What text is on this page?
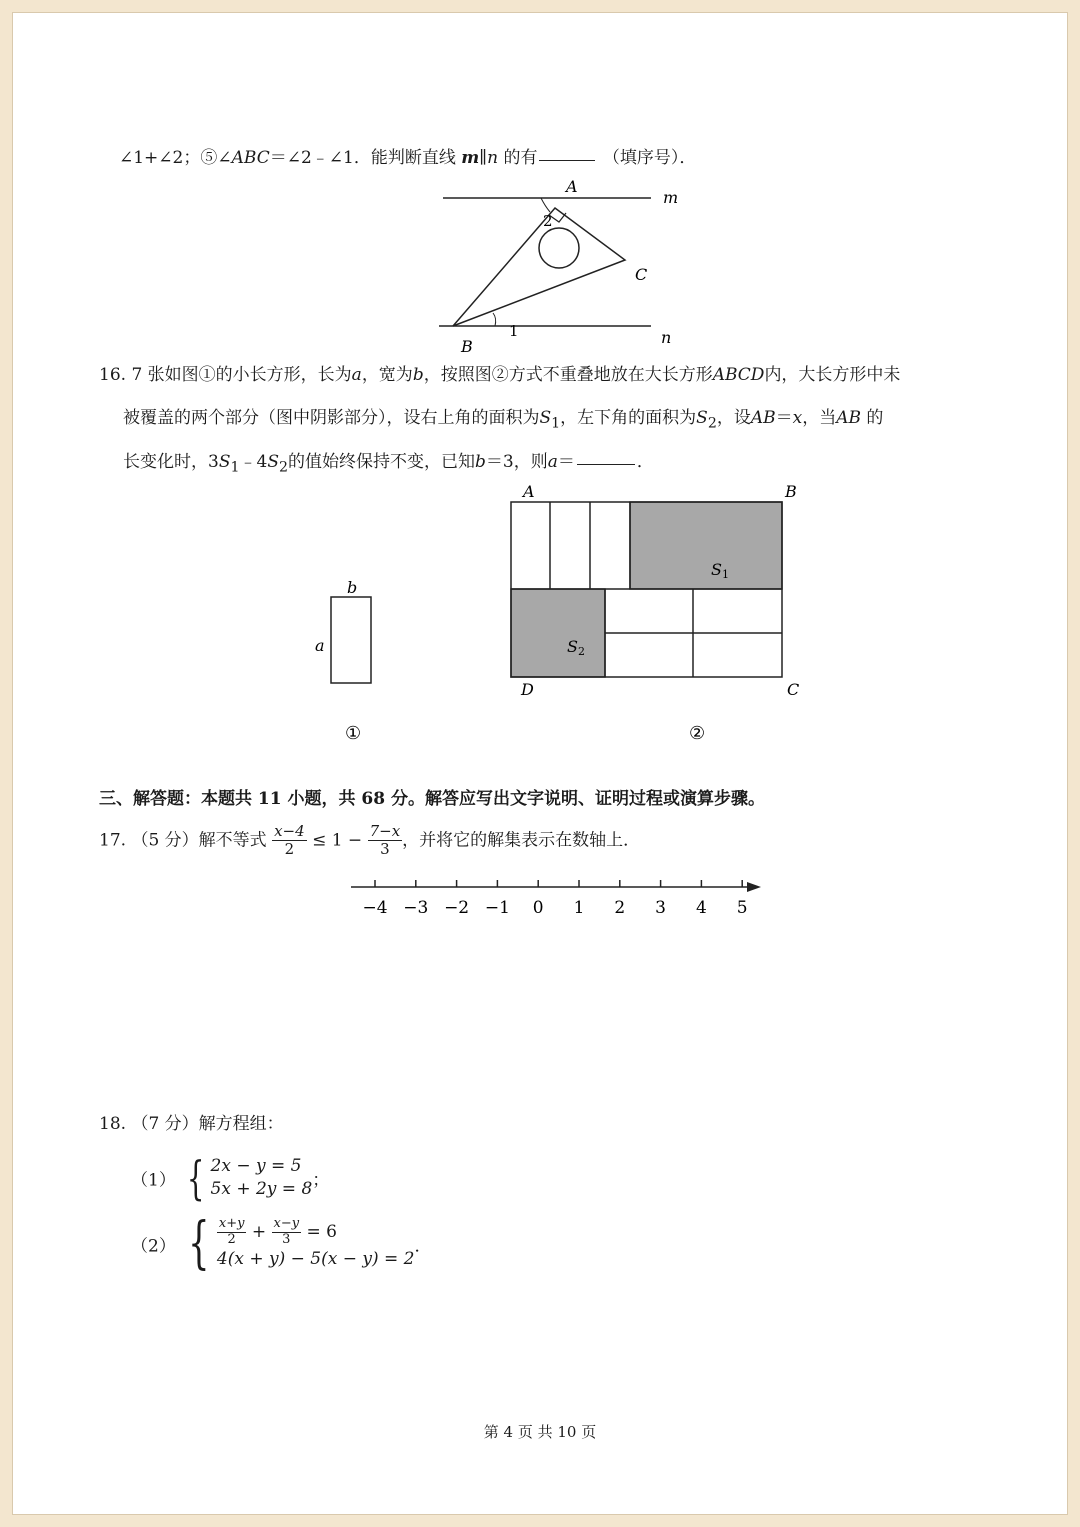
∠1+∠2；⑤∠ABC＝∠2﹣∠1．能判断直线 m∥n 的有	（填序号）．
A
m
C
B	n
1
2
16. 7 张如图①的小长方形，长为a，宽为b，按照图②方式不重叠地放在大长方形ABCD内，大长方形中未
被覆盖的两个部分（图中阴影部分），设右上角的面积为$S_1$，左下角的面积为$S_2$，设AB＝x，当AB 的
长变化时，$3S_1﹣4S_2$的值始终保持不变，已知b＝3，则a＝	．
b
a
①
A	B
C
D
S 1
S 2
②
三、解答题：本题共 11 小题，共 68 分。解答应写出文字说明、证明过程或演算步骤。
17. （5 分）解不等式 $\frac{x-4}{2} \le 1 - \frac{7-x}{3}$ ，并将它的解集表示在数轴上．
−4 −3 −2 −1 0 1 2 3 4 5
18. （7 分）解方程组：
（1） { 2x − y = 5
5x + 2y = 8 ；
（2） { $\frac{x+y}{2} + \frac{x-y}{3} = 6$
4(x + y) − 5(x − y) = 2
．
第 4 页 共 10 页
